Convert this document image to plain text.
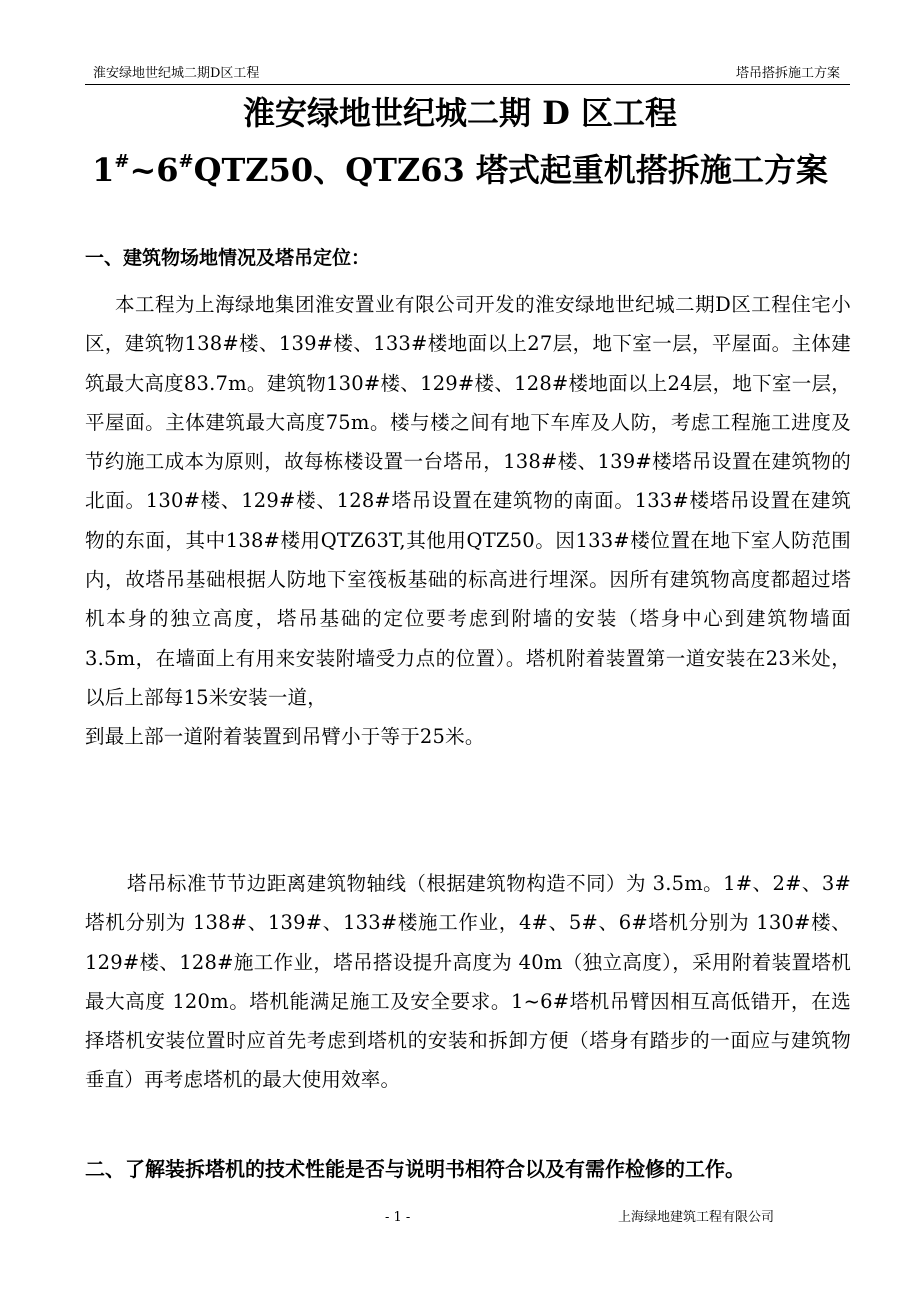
淮安绿地世纪城二期D区工程	塔吊搭拆施工方案
淮安绿地世纪城二期 D 区工程
1#~6#QTZ50、QTZ63 塔式起重机搭拆施工方案
一、建筑物场地情况及塔吊定位：

本工程为上海绿地集团淮安置业有限公司开发的淮安绿地世纪城二期D区工程住宅小区，建筑物138#楼、139#楼、133#楼地面以上27层，地下室一层，平屋面。主体建筑最大高度83.7m。建筑物130#楼、129#楼、128#楼地面以上24层，地下室一层，平屋面。主体建筑最大高度75m。楼与楼之间有地下车库及人防，考虑工程施工进度及节约施工成本为原则，故每栋楼设置一台塔吊，138#楼、139#楼塔吊设置在建筑物的北面。130#楼、129#楼、128#塔吊设置在建筑物的南面。133#楼塔吊设置在建筑物的东面，其中138#楼用QTZ63T,其他用QTZ50。因133#楼位置在地下室人防范围内，故塔吊基础根据人防地下室筏板基础的标高进行埋深。因所有建筑物高度都超过塔机本身的独立高度，塔吊基础的定位要考虑到附墙的安装（塔身中心到建筑物墙面 3.5m，在墙面上有用来安装附墙受力点的位置）。塔机附着装置第一道安装在23米处，以后上部每15米安装一道，

到最上部一道附着装置到吊臂小于等于25米。

塔吊标准节节边距离建筑物轴线（根据建筑物构造不同）为 3.5m。1#、2#、3#塔机分别为 138#、139#、133#楼施工作业，4#、5#、6#塔机分别为 130#楼、129#楼、128#施工作业，塔吊搭设提升高度为 40m（独立高度），采用附着装置塔机最大高度 120m。塔机能满足施工及安全要求。1~6#塔机吊臂因相互高低错开，在选择塔机安装位置时应首先考虑到塔机的安装和拆卸方便（塔身有踏步的一面应与建筑物垂直）再考虑塔机的最大使用效率。

二、了解装拆塔机的技术性能是否与说明书相符合以及有需作检修的工作。
- 1 -	上海绿地建筑工程有限公司
